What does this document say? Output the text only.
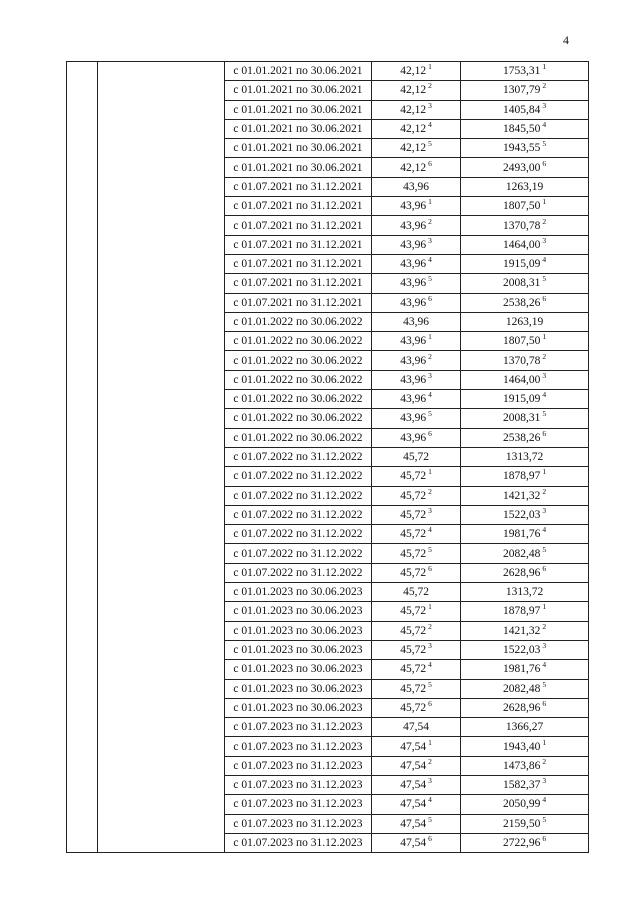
4
		с 01.01.2021 по 30.06.2021	42,12 $^1$	1753,31 $^1$
		с 01.01.2021 по 30.06.2021	42,12 $^2$	1307,79 $^2$
		с 01.01.2021 по 30.06.2021	42,12 $^3$	1405,84 $^3$
		с 01.01.2021 по 30.06.2021	42,12 $^4$	1845,50 $^4$
		с 01.01.2021 по 30.06.2021	42,12 $^5$	1943,55 $^5$
		с 01.01.2021 по 30.06.2021	42,12 $^6$	2493,00 $^6$
		с 01.07.2021 по 31.12.2021	43,96	1263,19
		с 01.07.2021 по 31.12.2021	43,96 $^1$	1807,50 $^1$
		с 01.07.2021 по 31.12.2021	43,96 $^2$	1370,78 $^2$
		с 01.07.2021 по 31.12.2021	43,96 $^3$	1464,00 $^3$
		с 01.07.2021 по 31.12.2021	43,96 $^4$	1915,09 $^4$
		с 01.07.2021 по 31.12.2021	43,96 $^5$	2008,31 $^5$
		с 01.07.2021 по 31.12.2021	43,96 $^6$	2538,26 $^6$
		с 01.01.2022 по 30.06.2022	43,96	1263,19
		с 01.01.2022 по 30.06.2022	43,96 $^1$	1807,50 $^1$
		с 01.01.2022 по 30.06.2022	43,96 $^2$	1370,78 $^2$
		с 01.01.2022 по 30.06.2022	43,96 $^3$	1464,00 $^3$
		с 01.01.2022 по 30.06.2022	43,96 $^4$	1915,09 $^4$
		с 01.01.2022 по 30.06.2022	43,96 $^5$	2008,31 $^5$
		с 01.01.2022 по 30.06.2022	43,96 $^6$	2538,26 $^6$
		с 01.07.2022 по 31.12.2022	45,72	1313,72
		с 01.07.2022 по 31.12.2022	45,72 $^1$	1878,97 $^1$
		с 01.07.2022 по 31.12.2022	45,72 $^2$	1421,32 $^2$
		с 01.07.2022 по 31.12.2022	45,72 $^3$	1522,03 $^3$
		с 01.07.2022 по 31.12.2022	45,72 $^4$	1981,76 $^4$
		с 01.07.2022 по 31.12.2022	45,72 $^5$	2082,48 $^5$
		с 01.07.2022 по 31.12.2022	45,72 $^6$	2628,96 $^6$
		с 01.01.2023 по 30.06.2023	45,72	1313,72
		с 01.01.2023 по 30.06.2023	45,72 $^1$	1878,97 $^1$
		с 01.01.2023 по 30.06.2023	45,72 $^2$	1421,32 $^2$
		с 01.01.2023 по 30.06.2023	45,72 $^3$	1522,03 $^3$
		с 01.01.2023 по 30.06.2023	45,72 $^4$	1981,76 $^4$
		с 01.01.2023 по 30.06.2023	45,72 $^5$	2082,48 $^5$
		с 01.01.2023 по 30.06.2023	45,72 $^6$	2628,96 $^6$
		с 01.07.2023 по 31.12.2023	47,54	1366,27
		с 01.07.2023 по 31.12.2023	47,54 $^1$	1943,40 $^1$
		с 01.07.2023 по 31.12.2023	47,54 $^2$	1473,86 $^2$
		с 01.07.2023 по 31.12.2023	47,54 $^3$	1582,37 $^3$
		с 01.07.2023 по 31.12.2023	47,54 $^4$	2050,99 $^4$
		с 01.07.2023 по 31.12.2023	47,54 $^5$	2159,50 $^5$
		с 01.07.2023 по 31.12.2023	47,54 $^6$	2722,96 $^6$
